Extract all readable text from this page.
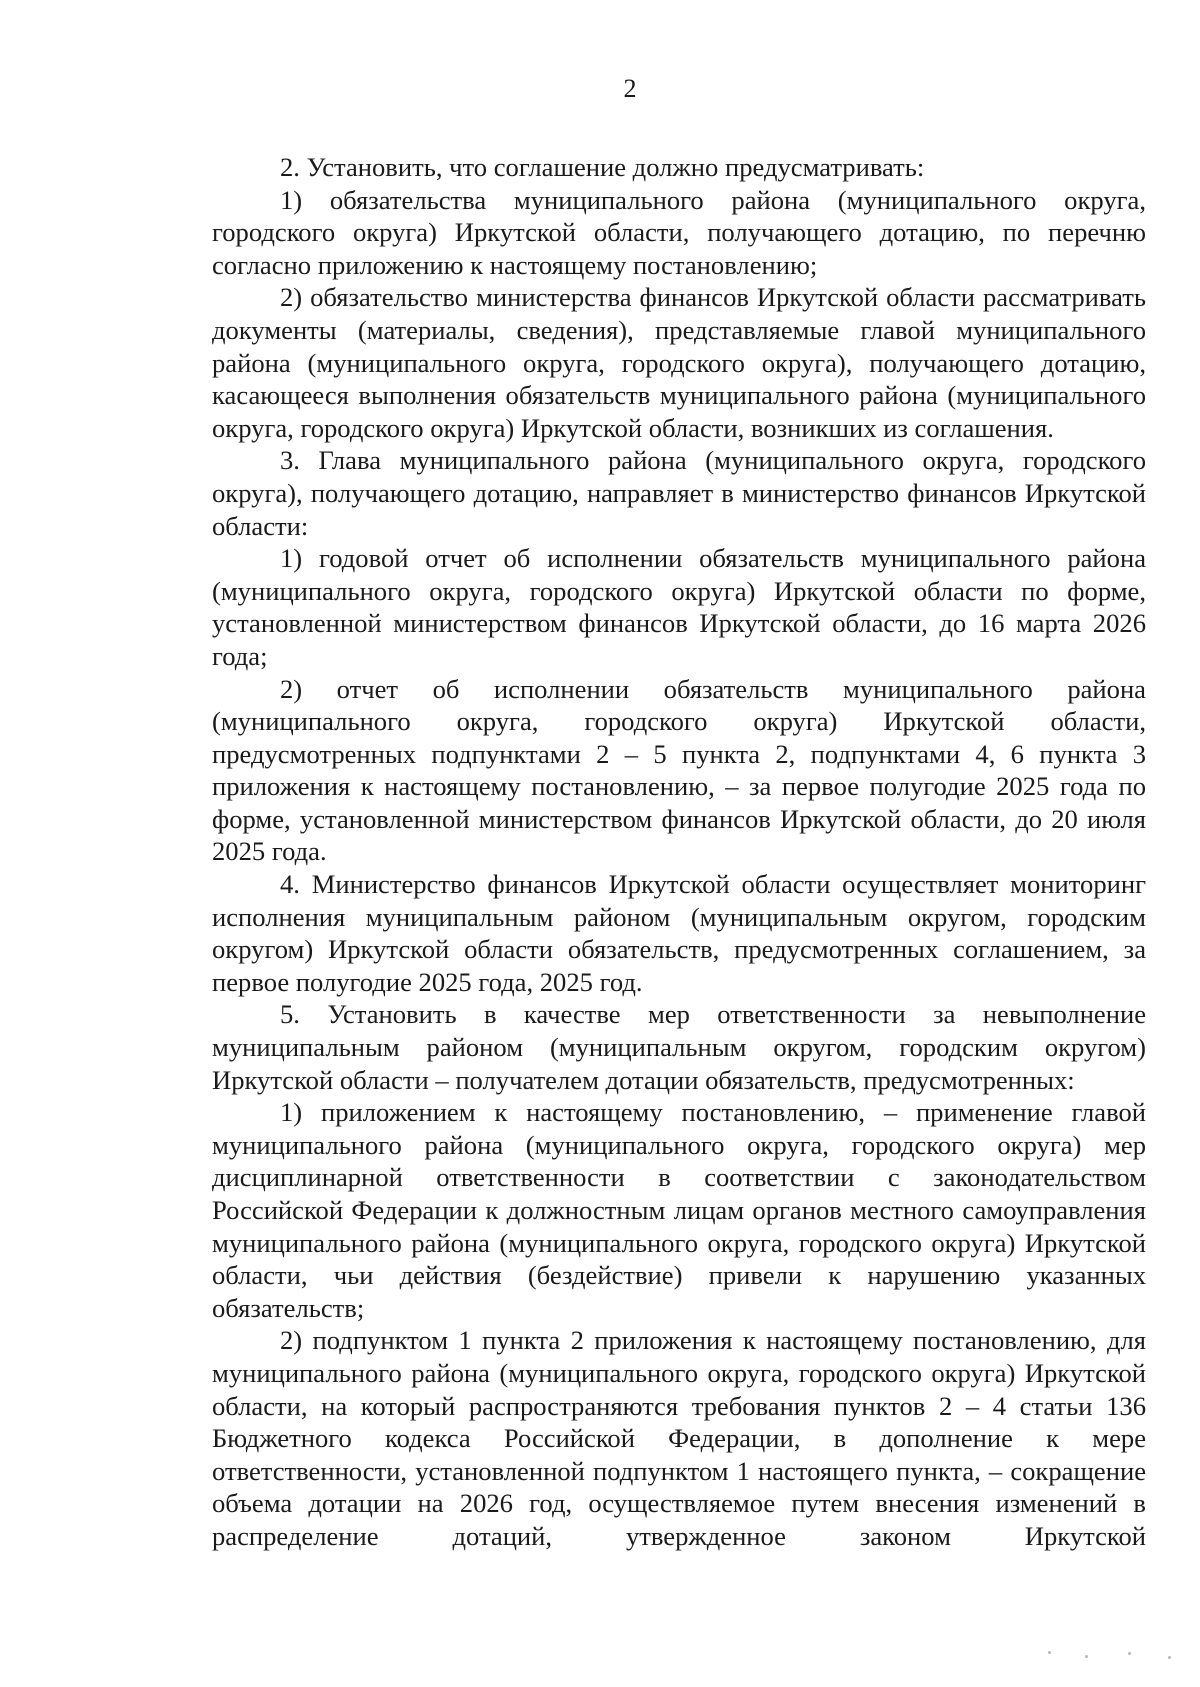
2

2. Установить, что соглашение должно предусматривать:

1) обязательства муниципального района (муниципального округа, городского округа) Иркутской области, получающего дотацию, по перечню согласно приложению к настоящему постановлению;

2) обязательство министерства финансов Иркутской области рассматривать документы (материалы, сведения), представляемые главой муниципального района (муниципального округа, городского округа), получающего дотацию, касающееся выполнения обязательств муниципального района (муниципального округа, городского округа) Иркутской области, возникших из соглашения.

3. Глава муниципального района (муниципального округа, городского округа), получающего дотацию, направляет в министерство финансов Иркутской области:

1) годовой отчет об исполнении обязательств муниципального района (муниципального округа, городского округа) Иркутской области по форме, установленной министерством финансов Иркутской области, до 16 марта 2026 года;

2) отчет об исполнении обязательств муниципального района (муниципального округа, городского округа) Иркутской области, предусмотренных подпунктами 2 – 5 пункта 2, подпунктами 4, 6 пункта 3 приложения к настоящему постановлению, – за первое полугодие 2025 года по форме, установленной министерством финансов Иркутской области, до 20 июля 2025 года.

4. Министерство финансов Иркутской области осуществляет мониторинг исполнения муниципальным районом (муниципальным округом, городским округом) Иркутской области обязательств, предусмотренных соглашением, за первое полугодие 2025 года, 2025 год.

5. Установить в качестве мер ответственности за невыполнение муниципальным районом (муниципальным округом, городским округом) Иркутской области – получателем дотации обязательств, предусмотренных:

1) приложением к настоящему постановлению, – применение главой муниципального района (муниципального округа, городского округа) мер дисциплинарной ответственности в соответствии с законодательством Российской Федерации к должностным лицам органов местного самоуправления муниципального района (муниципального округа, городского округа) Иркутской области, чьи действия (бездействие) привели к нарушению указанных обязательств;

2) подпунктом 1 пункта 2 приложения к настоящему постановлению, для муниципального района (муниципального округа, городского округа) Иркутской области, на который распространяются требования пунктов 2 – 4 статьи 136 Бюджетного кодекса Российской Федерации, в дополнение к мере ответственности, установленной подпунктом 1 настоящего пункта, – сокращение объема дотации на 2026 год, осуществляемое путем внесения изменений в распределение дотаций, утвержденное законом Иркутской
